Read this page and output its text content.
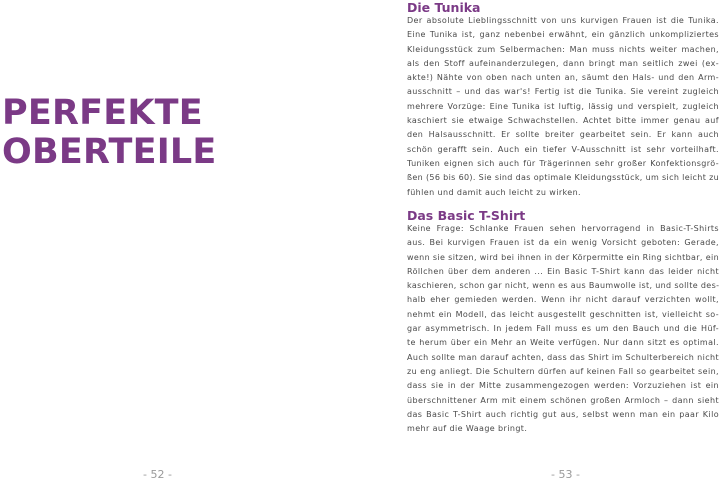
PERFEKTE
OBERTEILE
- 52 -
Die Tunika
Der absolute Lieblingsschnitt von uns kurvigen Frauen ist die Tunika.
Eine Tunika ist, ganz nebenbei erwähnt, ein gänzlich unkompliziertes
Kleidungsstück zum Selbermachen: Man muss nichts weiter machen,
als den Stoff aufeinanderzulegen, dann bringt man seitlich zwei (ex-
akte!) Nähte von oben nach unten an, säumt den Hals- und den Arm-
ausschnitt – und das war's! Fertig ist die Tunika. Sie vereint zugleich
mehrere Vorzüge: Eine Tunika ist luftig, lässig und verspielt, zugleich
kaschiert sie etwaige Schwachstellen. Achtet bitte immer genau auf
den Halsausschnitt. Er sollte breiter gearbeitet sein. Er kann auch
schön gerafft sein. Auch ein tiefer V-Ausschnitt ist sehr vorteilhaft.
Tuniken eignen sich auch für Trägerinnen sehr großer Konfektionsgrö-
ßen (56 bis 60). Sie sind das optimale Kleidungsstück, um sich leicht zu
fühlen und damit auch leicht zu wirken.
Das Basic T-Shirt
Keine Frage: Schlanke Frauen sehen hervorragend in Basic-T-Shirts
aus. Bei kurvigen Frauen ist da ein wenig Vorsicht geboten: Gerade,
wenn sie sitzen, wird bei ihnen in der Körpermitte ein Ring sichtbar, ein
Röllchen über dem anderen ... Ein Basic T-Shirt kann das leider nicht
kaschieren, schon gar nicht, wenn es aus Baumwolle ist, und sollte des-
halb eher gemieden werden. Wenn ihr nicht darauf verzichten wollt,
nehmt ein Modell, das leicht ausgestellt geschnitten ist, vielleicht so-
gar asymmetrisch. In jedem Fall muss es um den Bauch und die Hüf-
te herum über ein Mehr an Weite verfügen. Nur dann sitzt es optimal.
Auch sollte man darauf achten, dass das Shirt im Schulterbereich nicht
zu eng anliegt. Die Schultern dürfen auf keinen Fall so gearbeitet sein,
dass sie in der Mitte zusammengezogen werden: Vorzuziehen ist ein
überschnittener Arm mit einem schönen großen Armloch – dann sieht
das Basic T-Shirt auch richtig gut aus, selbst wenn man ein paar Kilo
mehr auf die Waage bringt.
- 53 -
